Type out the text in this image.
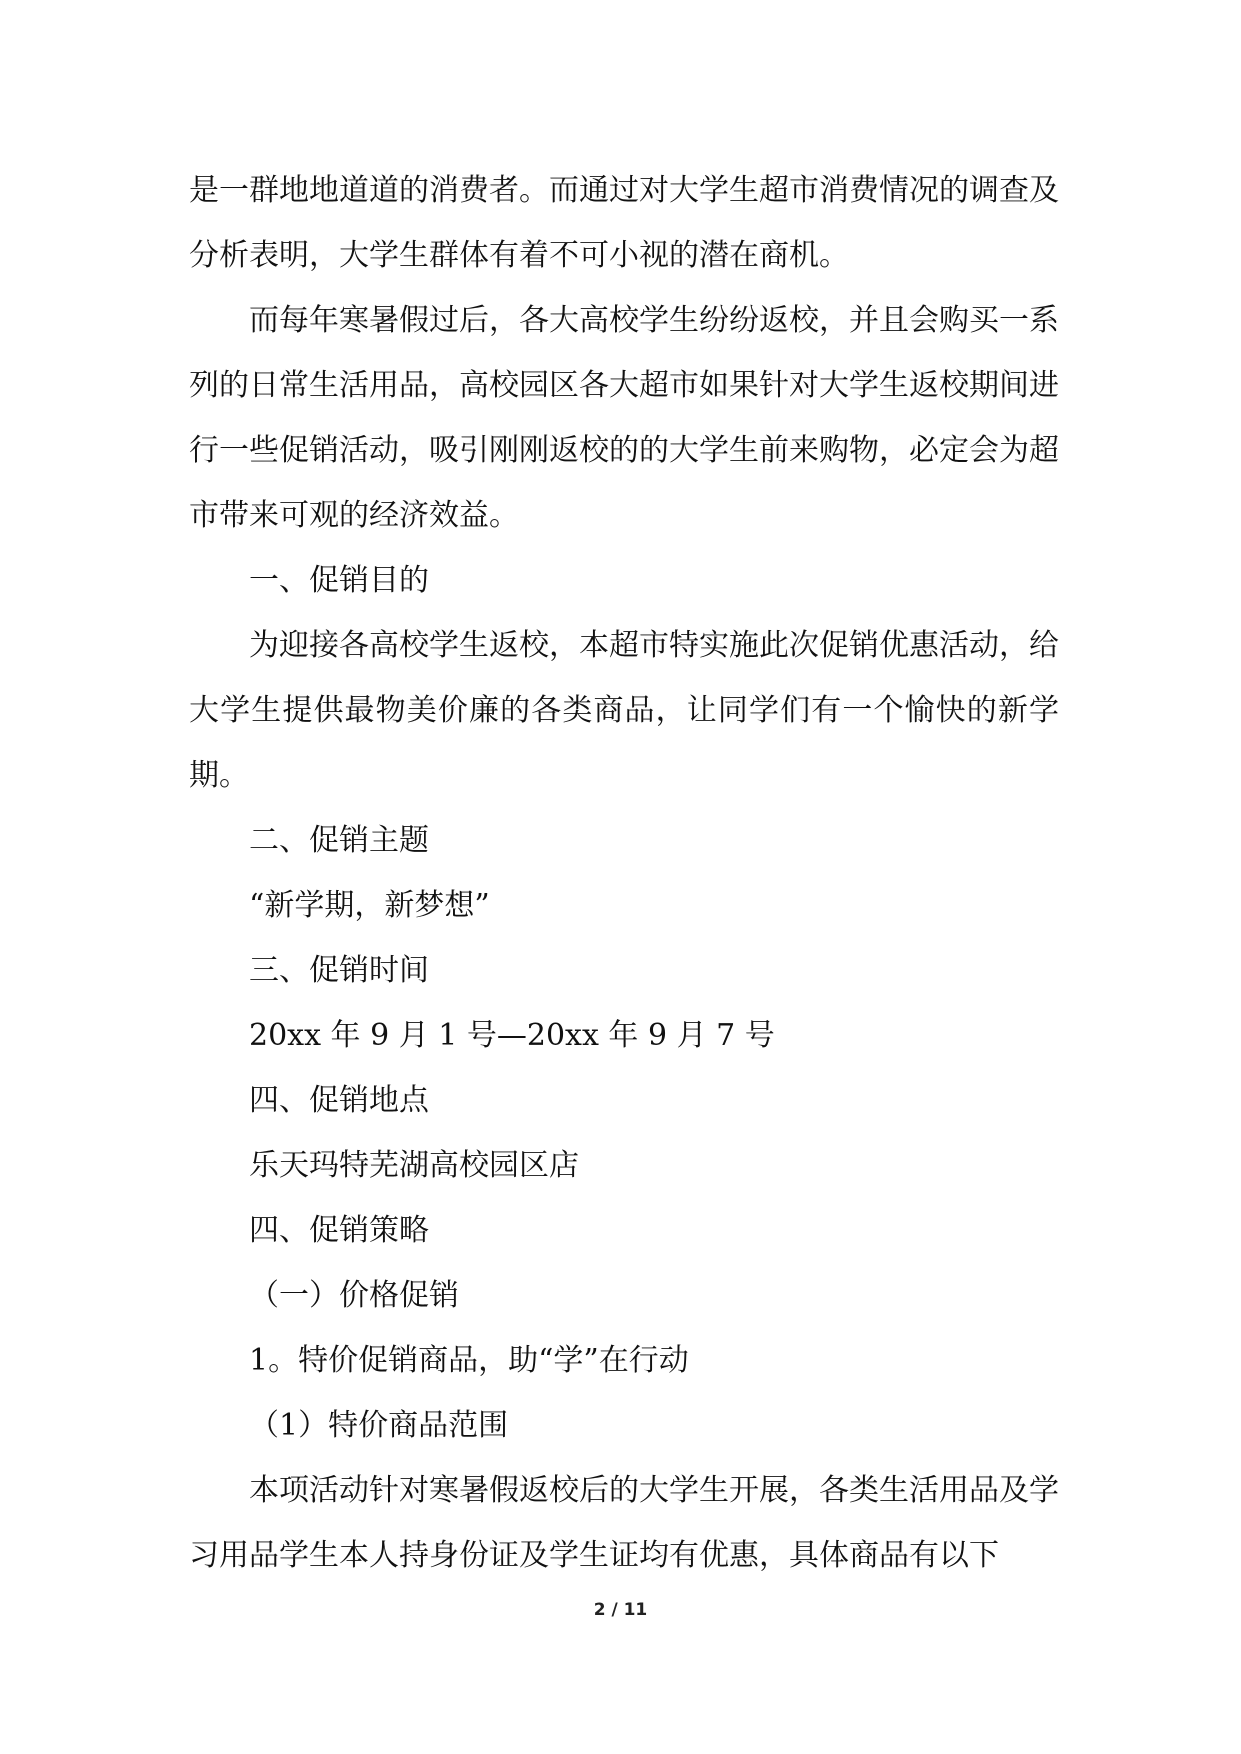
是一群地地道道的消费者。而通过对大学生超市消费情况的调查及分析表明，大学生群体有着不可小视的潜在商机。

而每年寒暑假过后，各大高校学生纷纷返校，并且会购买一系列的日常生活用品，高校园区各大超市如果针对大学生返校期间进行一些促销活动，吸引刚刚返校的的大学生前来购物，必定会为超市带来可观的经济效益。

一、促销目的

为迎接各高校学生返校，本超市特实施此次促销优惠活动，给大学生提供最物美价廉的各类商品，让同学们有一个愉快的新学期。

二、促销主题

“新学期，新梦想”

三、促销时间

20xx 年 9 月 1 号—20xx 年 9 月 7 号

四、促销地点

乐天玛特芜湖高校园区店

四、促销策略

（一）价格促销

1。特价促销商品，助“学”在行动

（1）特价商品范围

本项活动针对寒暑假返校后的大学生开展，各类生活用品及学习用品学生本人持身份证及学生证均有优惠，具体商品有以下

2 / 11
